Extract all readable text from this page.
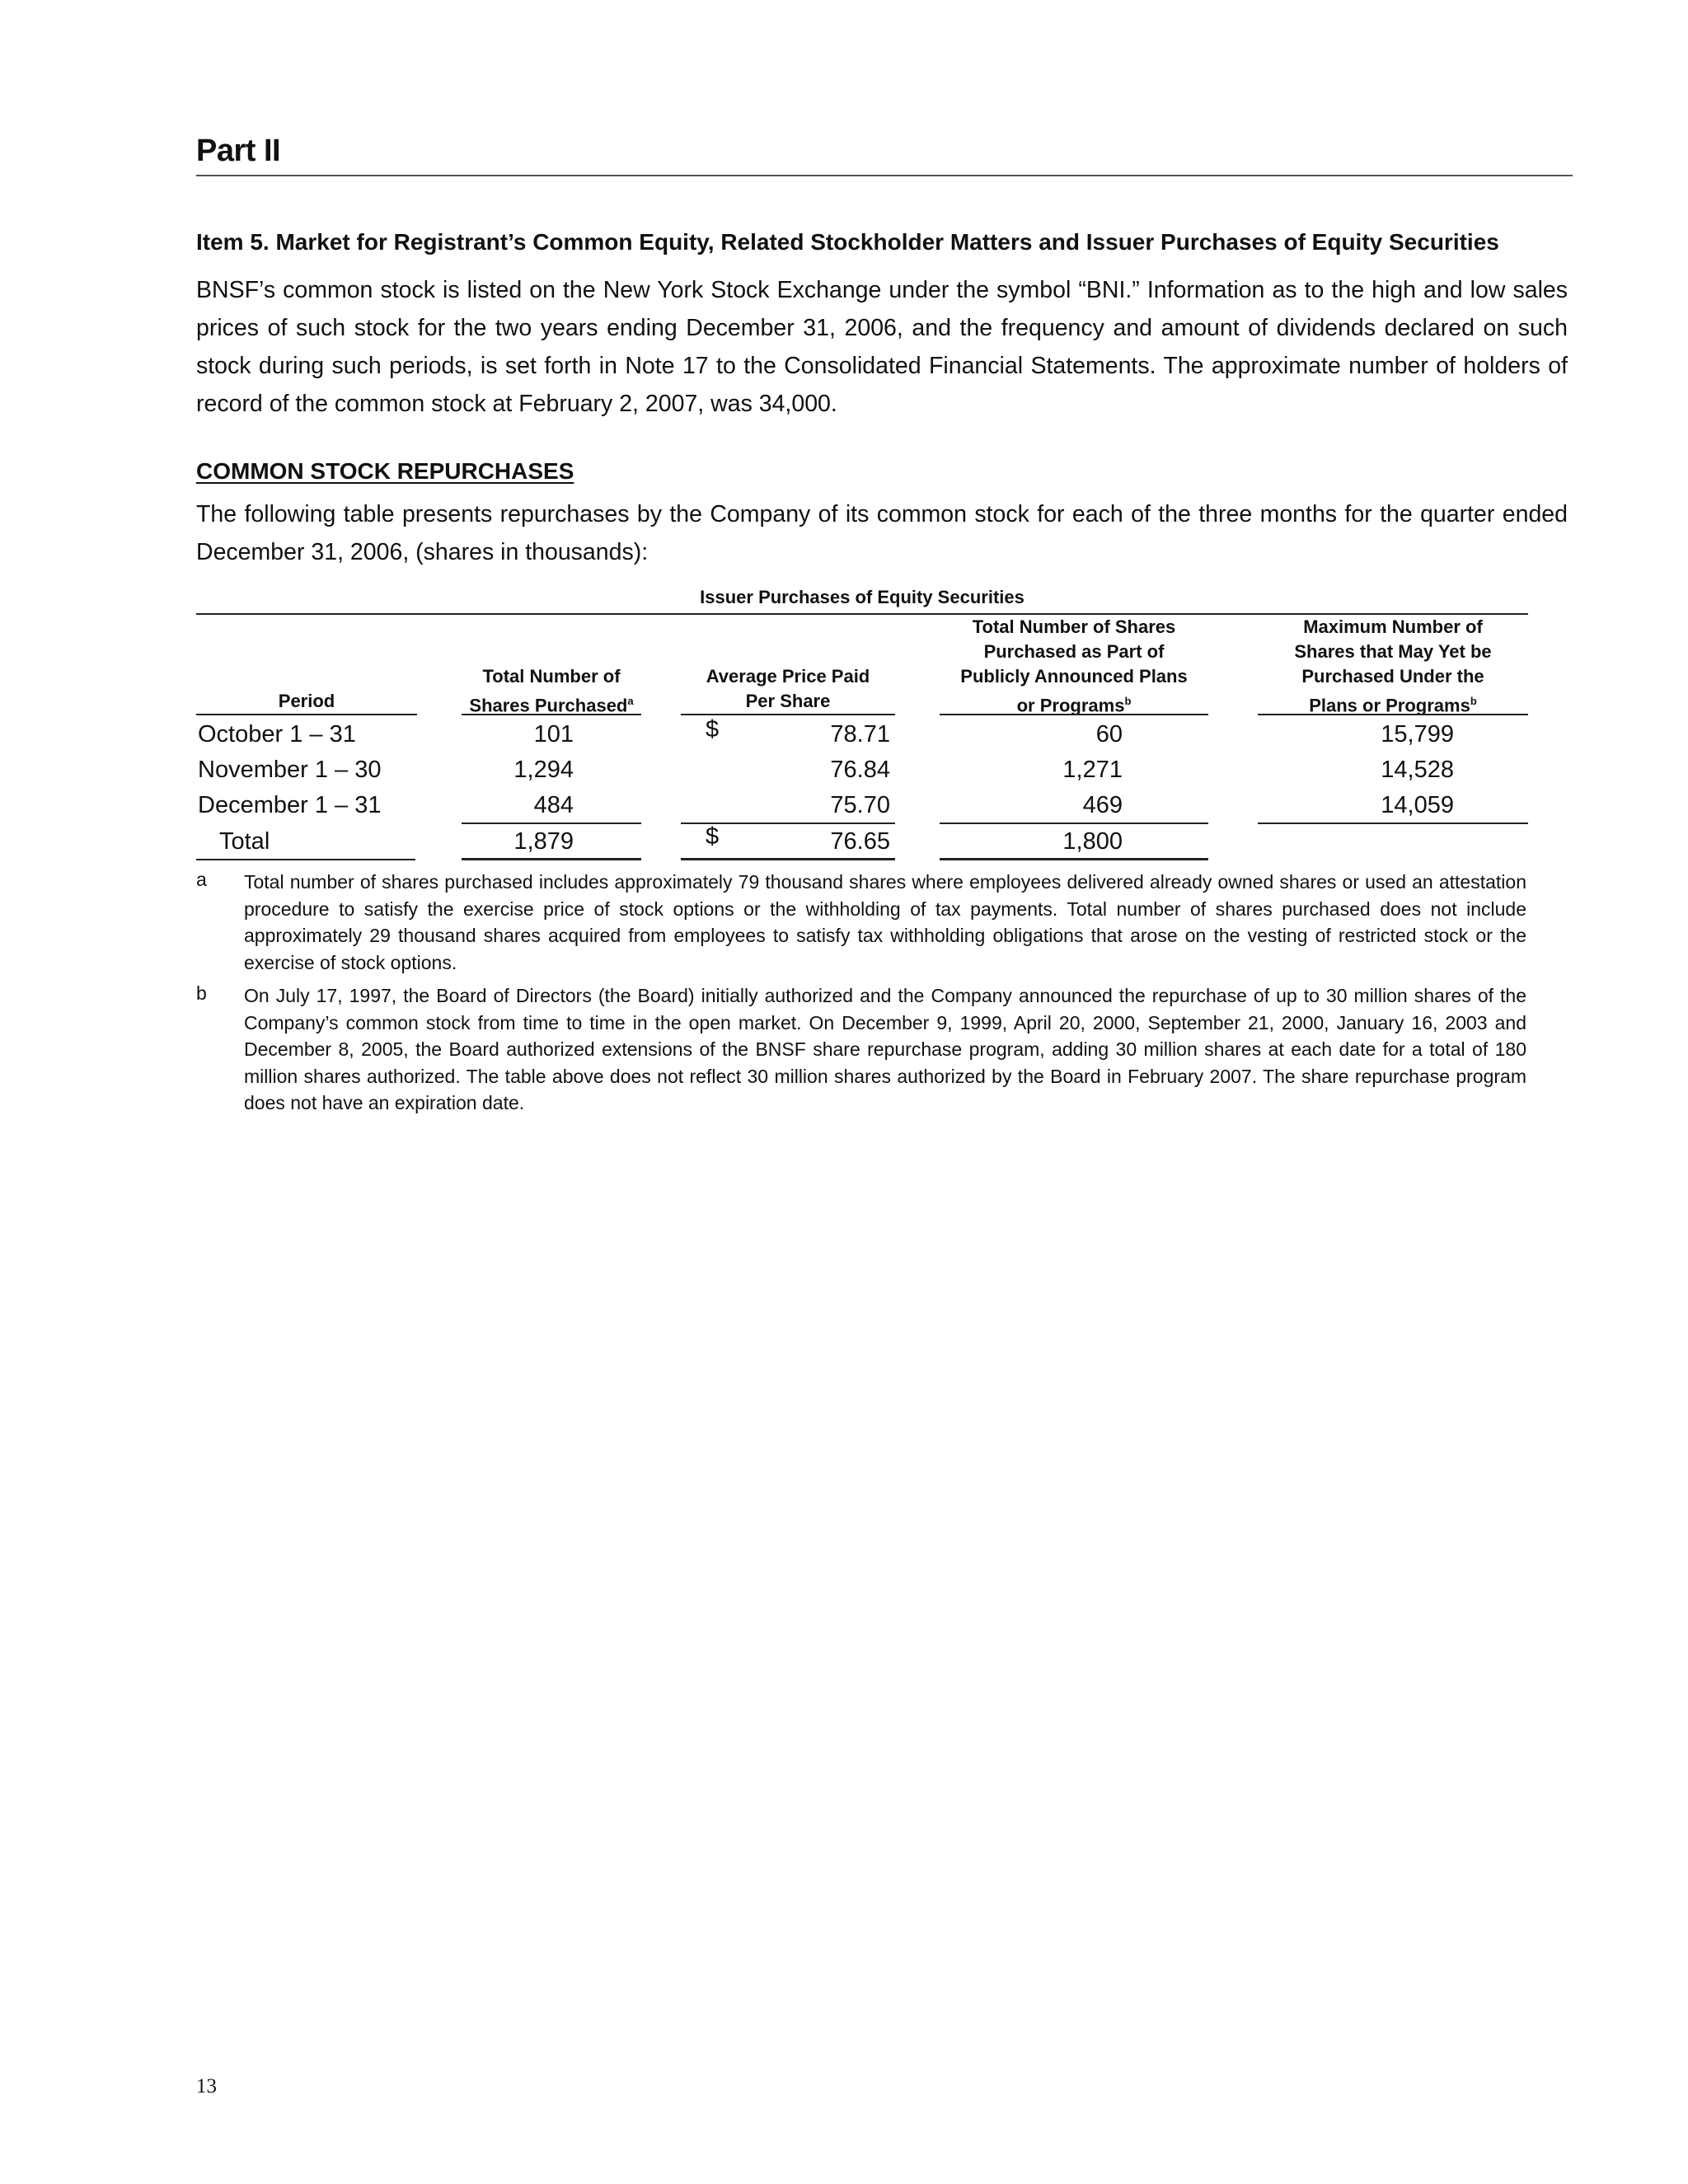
Part II
Item 5. Market for Registrant’s Common Equity, Related Stockholder Matters and Issuer Purchases of Equity Securities
BNSF’s common stock is listed on the New York Stock Exchange under the symbol “BNI.” Information as to the high and low sales prices of such stock for the two years ending December 31, 2006, and the frequency and amount of dividends declared on such stock during such periods, is set forth in Note 17 to the Consolidated Financial Statements. The approximate number of holders of record of the common stock at February 2, 2007, was 34,000.
COMMON STOCK REPURCHASES
The following table presents repurchases by the Company of its common stock for each of the three months for the quarter ended December 31, 2006, (shares in thousands):
Issuer Purchases of Equity Securities
Period
Total Number of
Shares Purchased$^a$
Average Price Paid
Per Share
Total Number of Shares
Purchased as Part of
Publicly Announced Plans
or Programs$^b$
Maximum Number of
Shares that May Yet be
Purchased Under the
Plans or Programs$^b$
October 1 – 31	101	$	78.71	60	15,799
November 1 – 30	1,294	76.84	1,271	14,528
December 1 – 31	484	75.70	469	14,059
Total	1,879	$	76.65	1,800
a Total number of shares purchased includes approximately 79 thousand shares where employees delivered already owned shares or used an attestation procedure to satisfy the exercise price of stock options or the withholding of tax payments. Total number of shares purchased does not include approximately 29 thousand shares acquired from employees to satisfy tax withholding obligations that arose on the vesting of restricted stock or the exercise of stock options.
b On July 17, 1997, the Board of Directors (the Board) initially authorized and the Company announced the repurchase of up to 30 million shares of the Company’s common stock from time to time in the open market. On December 9, 1999, April 20, 2000, September 21, 2000, January 16, 2003 and December 8, 2005, the Board authorized extensions of the BNSF share repurchase program, adding 30 million shares at each date for a total of 180 million shares authorized. The table above does not reflect 30 million shares authorized by the Board in February 2007. The share repurchase program does not have an expiration date.
13
